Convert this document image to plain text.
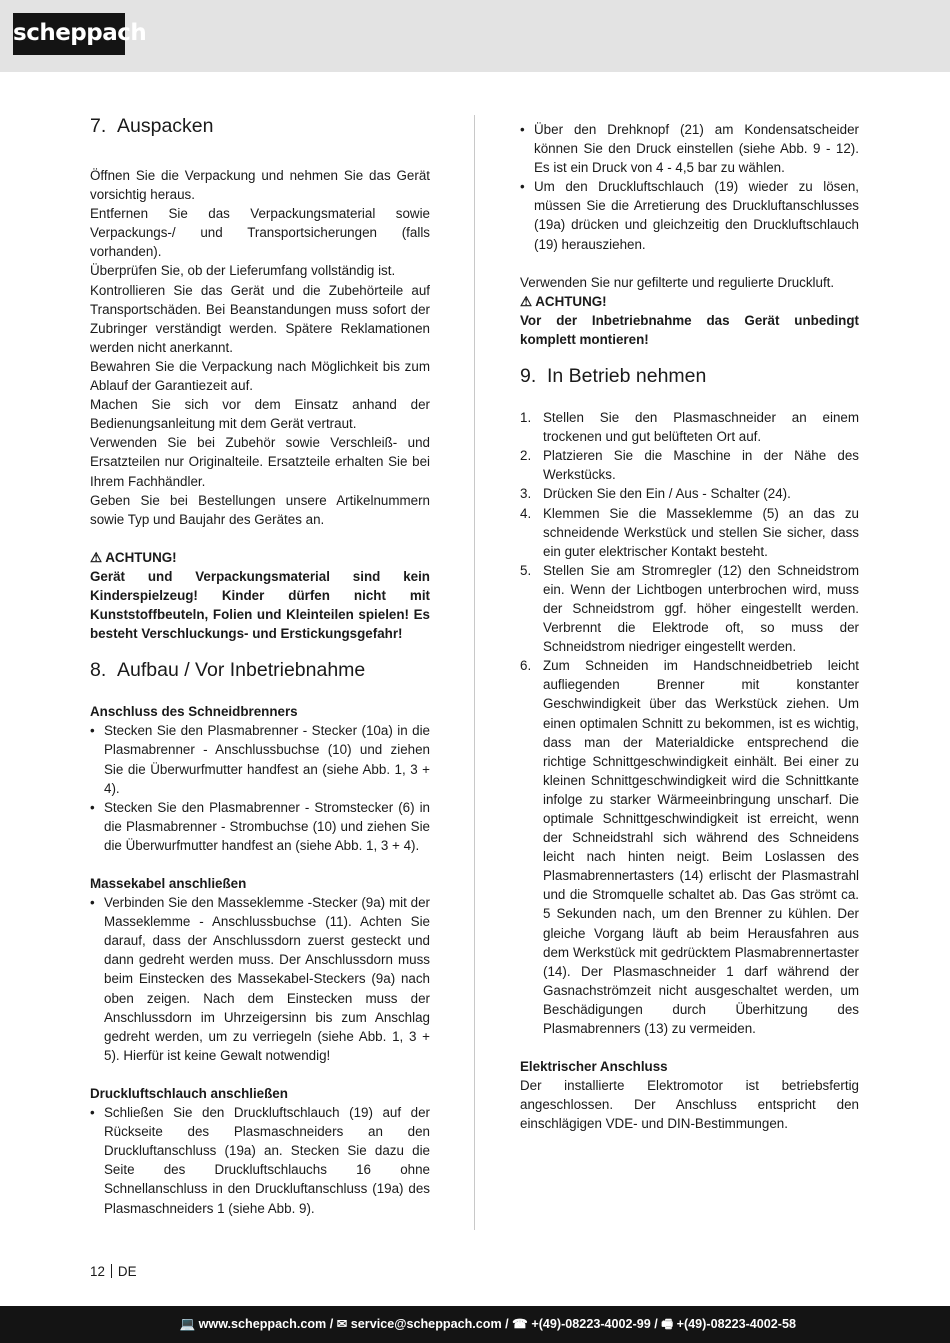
scheppach
7. Auspacken

Öffnen Sie die Verpackung und nehmen Sie das Gerät vorsichtig heraus.

Entfernen Sie das Verpackungsmaterial sowie Verpackungs-/ und Transportsicherungen (falls vorhanden).

Überprüfen Sie, ob der Lieferumfang vollständig ist.

Kontrollieren Sie das Gerät und die Zubehörteile auf Transportschäden. Bei Beanstandungen muss sofort der Zubringer verständigt werden. Spätere Reklamationen werden nicht anerkannt.

Bewahren Sie die Verpackung nach Möglichkeit bis zum Ablauf der Garantiezeit auf.

Machen Sie sich vor dem Einsatz anhand der Bedienungsanleitung mit dem Gerät vertraut.

Verwenden Sie bei Zubehör sowie Verschleiß- und Ersatzteilen nur Originalteile. Ersatzteile erhalten Sie bei Ihrem Fachhändler.

Geben Sie bei Bestellungen unsere Artikelnummern sowie Typ und Baujahr des Gerätes an.

⚠ ACHTUNG!

Gerät und Verpackungsmaterial sind kein Kinderspielzeug! Kinder dürfen nicht mit Kunststoffbeuteln, Folien und Kleinteilen spielen! Es besteht Verschluckungs- und Erstickungsgefahr!

8. Aufbau / Vor Inbetriebnahme

Anschluss des Schneidbrenners

• Stecken Sie den Plasmabrenner - Stecker (10a) in die Plasmabrenner - Anschlussbuchse (10) und ziehen Sie die Überwurfmutter handfest an (siehe Abb. 1, 3 + 4).
• Stecken Sie den Plasmabrenner - Stromstecker (6) in die Plasmabrenner - Strombuchse (10) und ziehen Sie die Überwurfmutter handfest an (siehe Abb. 1, 3 + 4).

Massekabel anschließen

• Verbinden Sie den Masseklemme -Stecker (9a) mit der Masseklemme - Anschlussbuchse (11). Achten Sie darauf, dass der Anschlussdorn zuerst gesteckt und dann gedreht werden muss. Der Anschlussdorn muss beim Einstecken des Massekabel-Steckers (9a) nach oben zeigen. Nach dem Einstecken muss der Anschlussdorn im Uhrzeigersinn bis zum Anschlag gedreht werden, um zu verriegeln (siehe Abb. 1, 3 + 5). Hierfür ist keine Gewalt notwendig!

Druckluftschlauch anschließen

• Schließen Sie den Druckluftschlauch (19) auf der Rückseite des Plasmaschneiders an den Druckluftanschluss (19a) an. Stecken Sie dazu die Seite des Druckluftschlauchs 16 ohne Schnellanschluss in den Druckluftanschluss (19a) des Plasmaschneiders 1 (siehe Abb. 9).
• Über den Drehknopf (21) am Kondensatscheider können Sie den Druck einstellen (siehe Abb. 9 - 12). Es ist ein Druck von 4 - 4,5 bar zu wählen.
• Um den Druckluftschlauch (19) wieder zu lösen, müssen Sie die Arretierung des Druckluftanschlusses (19a) drücken und gleichzeitig den Druckluftschlauch (19) herausziehen.

Verwenden Sie nur gefilterte und regulierte Druckluft.

⚠ ACHTUNG!

Vor der Inbetriebnahme das Gerät unbedingt komplett montieren!

9. In Betrieb nehmen
1. Stellen Sie den Plasmaschneider an einem trockenen und gut belüfteten Ort auf.
2. Platzieren Sie die Maschine in der Nähe des Werkstücks.
3. Drücken Sie den Ein / Aus - Schalter (24).
4. Klemmen Sie die Masseklemme (5) an das zu schneidende Werkstück und stellen Sie sicher, dass ein guter elektrischer Kontakt besteht.
5. Stellen Sie am Stromregler (12) den Schneidstrom ein. Wenn der Lichtbogen unterbrochen wird, muss der Schneidstrom ggf. höher eingestellt werden. Verbrennt die Elektrode oft, so muss der Schneidstrom niedriger eingestellt werden.
6. Zum Schneiden im Handschneidbetrieb leicht aufliegenden Brenner mit konstanter Geschwindigkeit über das Werkstück ziehen. Um einen optimalen Schnitt zu bekommen, ist es wichtig, dass man der Materialdicke entsprechend die richtige Schnittgeschwindigkeit einhält. Bei einer zu kleinen Schnittgeschwindigkeit wird die Schnittkante infolge zu starker Wärmeeinbringung unscharf. Die optimale Schnittgeschwindigkeit ist erreicht, wenn der Schneidstrahl sich während des Schneidens leicht nach hinten neigt. Beim Loslassen des Plasmabrennertasters (14) erlischt der Plasmastrahl und die Stromquelle schaltet ab. Das Gas strömt ca. 5 Sekunden nach, um den Brenner zu kühlen. Der gleiche Vorgang läuft ab beim Herausfahren aus dem Werkstück mit gedrücktem Plasmabrennertaster (14). Der Plasmaschneider 1 darf während der Gasnachströmzeit nicht ausgeschaltet werden, um Beschädigungen durch Überhitzung des Plasmabrenners (13) zu vermeiden.

Elektrischer Anschluss

Der installierte Elektromotor ist betriebsfertig angeschlossen. Der Anschluss entspricht den einschlägigen VDE- und DIN-Bestimmungen.

12 DE
💻 www.scheppach.com / ✉ service@scheppach.com / ☎ +(49)-08223-4002-99 / 🖷 +(49)-08223-4002-58
